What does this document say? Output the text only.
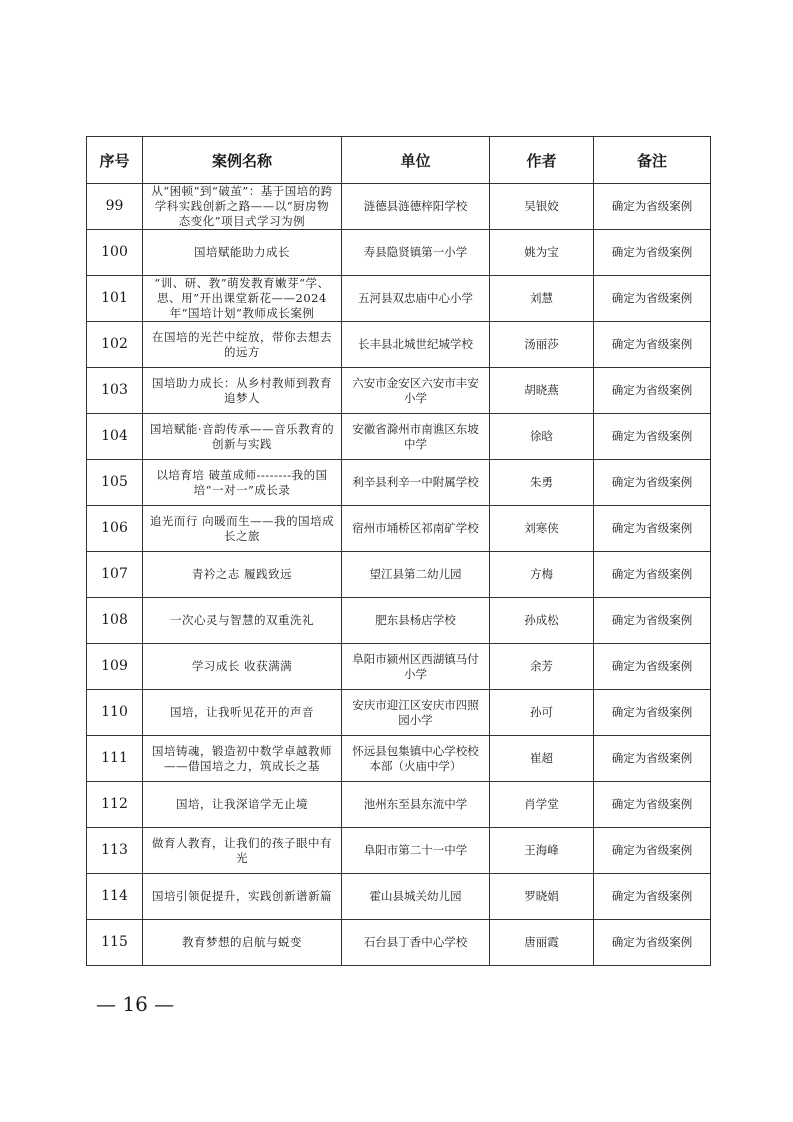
序号	案例名称	单位	作者	备注
99	从“困顿”到“破茧”：基于国培的跨学科实践创新之路——以“厨房物态变化”项目式学习为例	涟德县涟德梓阳学校	吴银姣	确定为省级案例
100	国培赋能助力成长	寿县隐贤镇第一小学	姚为宝	确定为省级案例
101	“训、研、教”萌发教育嫩芽“学、思、用”开出课堂新花——2024年“国培计划”教师成长案例	五河县双忠庙中心小学	刘慧	确定为省级案例
102	在国培的光芒中绽放，带你去想去的远方	长丰县北城世纪城学校	汤丽莎	确定为省级案例
103	国培助力成长：从乡村教师到教育追梦人	六安市金安区六安市丰安小学	胡晓燕	确定为省级案例
104	国培赋能·音韵传承——音乐教育的创新与实践	安徽省滁州市南谯区东坡中学	徐晗	确定为省级案例
105	以培育培 破茧成师--------我的国培“一对一”成长录	利辛县利辛一中附属学校	朱勇	确定为省级案例
106	追光而行 向暖而生——我的国培成长之旅	宿州市埇桥区祁南矿学校	刘寒侠	确定为省级案例
107	青衿之志 履践致远	望江县第二幼儿园	方梅	确定为省级案例
108	一次心灵与智慧的双重洗礼	肥东县杨店学校	孙成松	确定为省级案例
109	学习成长 收获满满	阜阳市颍州区西湖镇马付小学	余芳	确定为省级案例
110	国培，让我听见花开的声音	安庆市迎江区安庆市四照园小学	孙可	确定为省级案例
111	国培铸魂，锻造初中数学卓越教师——借国培之力，筑成长之基	怀远县包集镇中心学校校本部（火庙中学）	崔超	确定为省级案例
112	国培，让我深谙学无止境	池州东至县东流中学	肖学堂	确定为省级案例
113	做育人教育，让我们的孩子眼中有光	阜阳市第二十一中学	王海峰	确定为省级案例
114	国培引领促提升，实践创新谱新篇	霍山县城关幼儿园	罗晓娟	确定为省级案例
115	教育梦想的启航与蜕变	石台县丁香中心学校	唐丽霞	确定为省级案例
— 16 —
